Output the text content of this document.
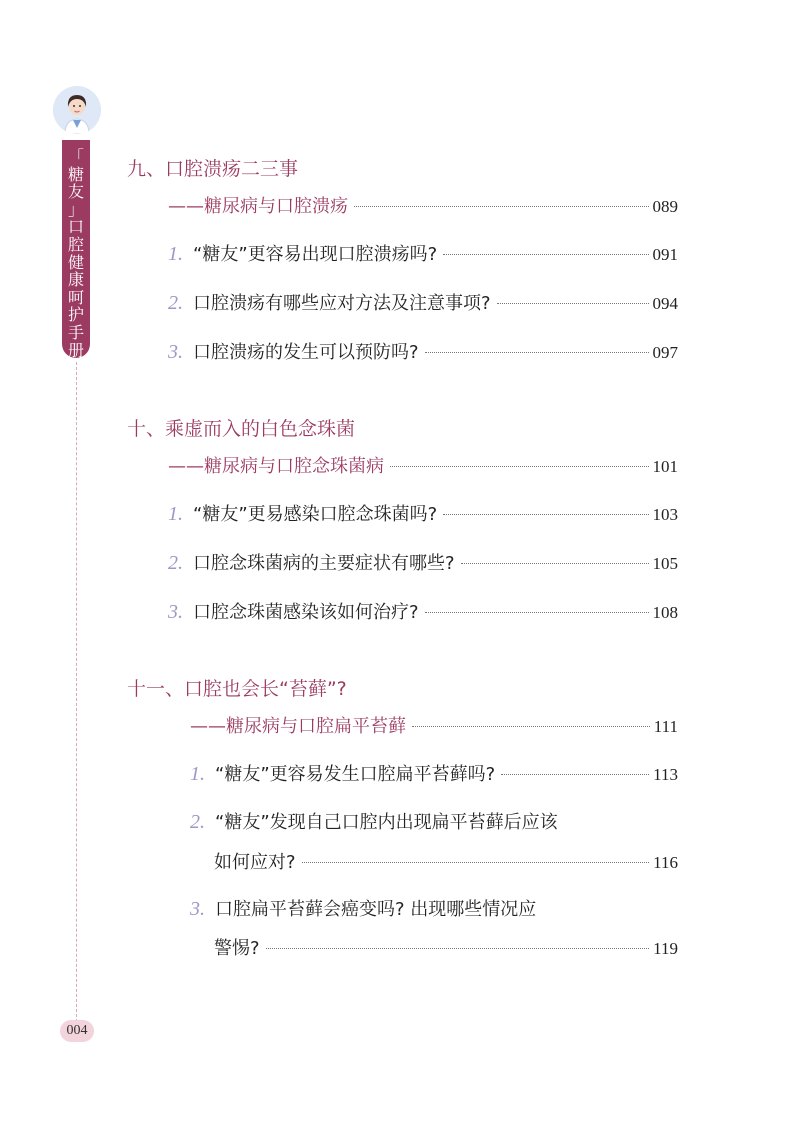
「
糖
友
」
口
腔
健
康
呵
护
手
册
004
九、口腔溃疡二三事
——糖尿病与口腔溃疡	089
1. “糖友”更容易出现口腔溃疡吗?	091
2. 口腔溃疡有哪些应对方法及注意事项?	094
3. 口腔溃疡的发生可以预防吗?	097
十、乘虚而入的白色念珠菌
——糖尿病与口腔念珠菌病	101
1. “糖友”更易感染口腔念珠菌吗?	103
2. 口腔念珠菌病的主要症状有哪些?	105
3. 口腔念珠菌感染该如何治疗?	108
十一、口腔也会长“苔藓”?
——糖尿病与口腔扁平苔藓	111
1. “糖友”更容易发生口腔扁平苔藓吗?	113
2. “糖友”发现自己口腔内出现扁平苔藓后应该
如何应对?	116
3. 口腔扁平苔藓会癌变吗? 出现哪些情况应
警惕?	119
